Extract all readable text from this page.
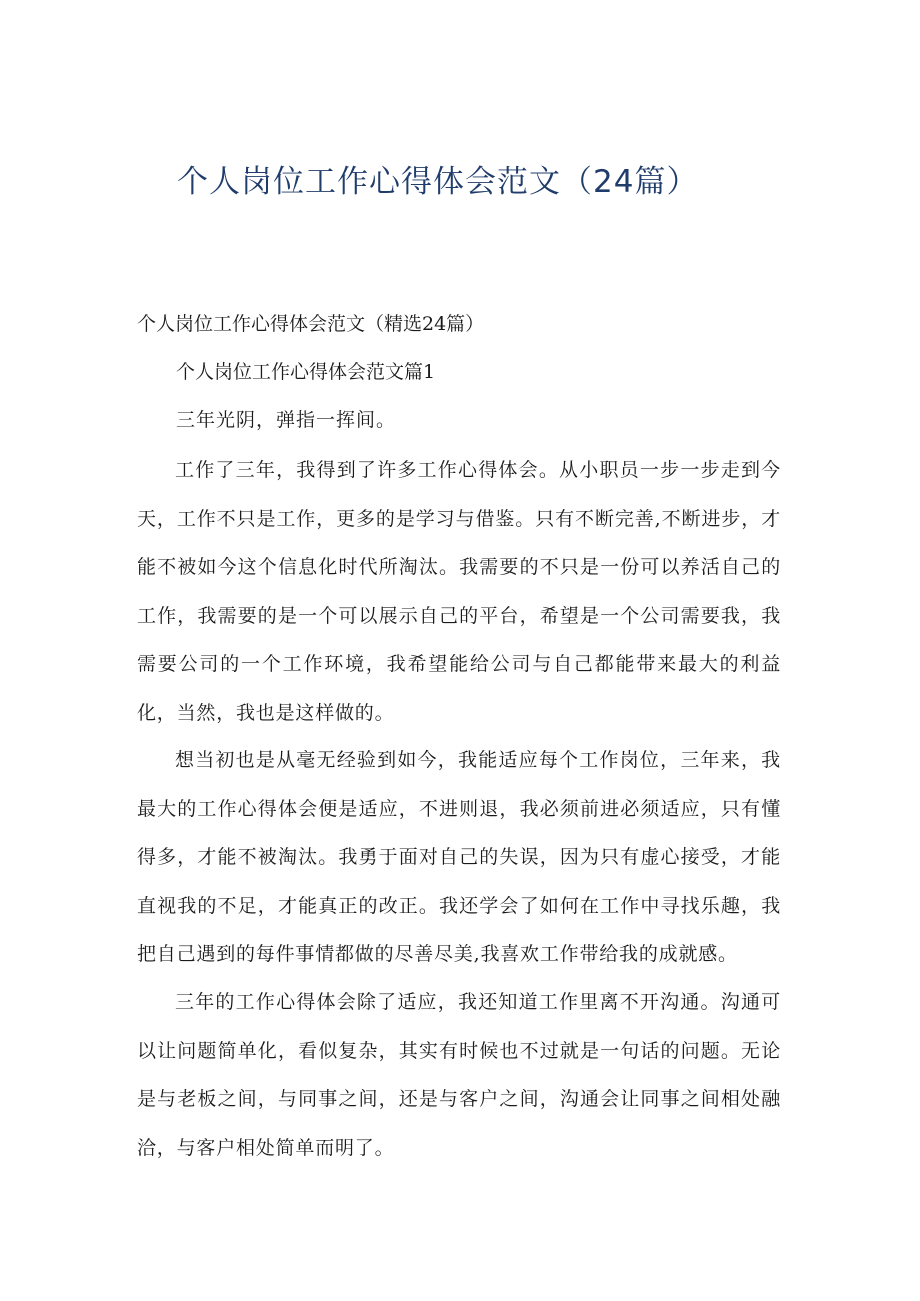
个人岗位工作心得体会范文（24篇）

个人岗位工作心得体会范文（精选24篇）

个人岗位工作心得体会范文篇1

三年光阴，弹指一挥间。

工作了三年，我得到了许多工作心得体会。从小职员一步一步走到今天，工作不只是工作，更多的是学习与借鉴。只有不断完善,不断进步，才能不被如今这个信息化时代所淘汰。我需要的不只是一份可以养活自己的工作，我需要的是一个可以展示自己的平台，希望是一个公司需要我，我需要公司的一个工作环境，我希望能给公司与自己都能带来最大的利益化，当然，我也是这样做的。

想当初也是从毫无经验到如今，我能适应每个工作岗位，三年来，我最大的工作心得体会便是适应，不进则退，我必须前进必须适应，只有懂得多，才能不被淘汰。我勇于面对自己的失误，因为只有虚心接受，才能直视我的不足，才能真正的改正。我还学会了如何在工作中寻找乐趣，我把自己遇到的每件事情都做的尽善尽美,我喜欢工作带给我的成就感。

三年的工作心得体会除了适应，我还知道工作里离不开沟通。沟通可以让问题简单化，看似复杂，其实有时候也不过就是一句话的问题。无论是与老板之间，与同事之间，还是与客户之间，沟通会让同事之间相处融洽，与客户相处简单而明了。
